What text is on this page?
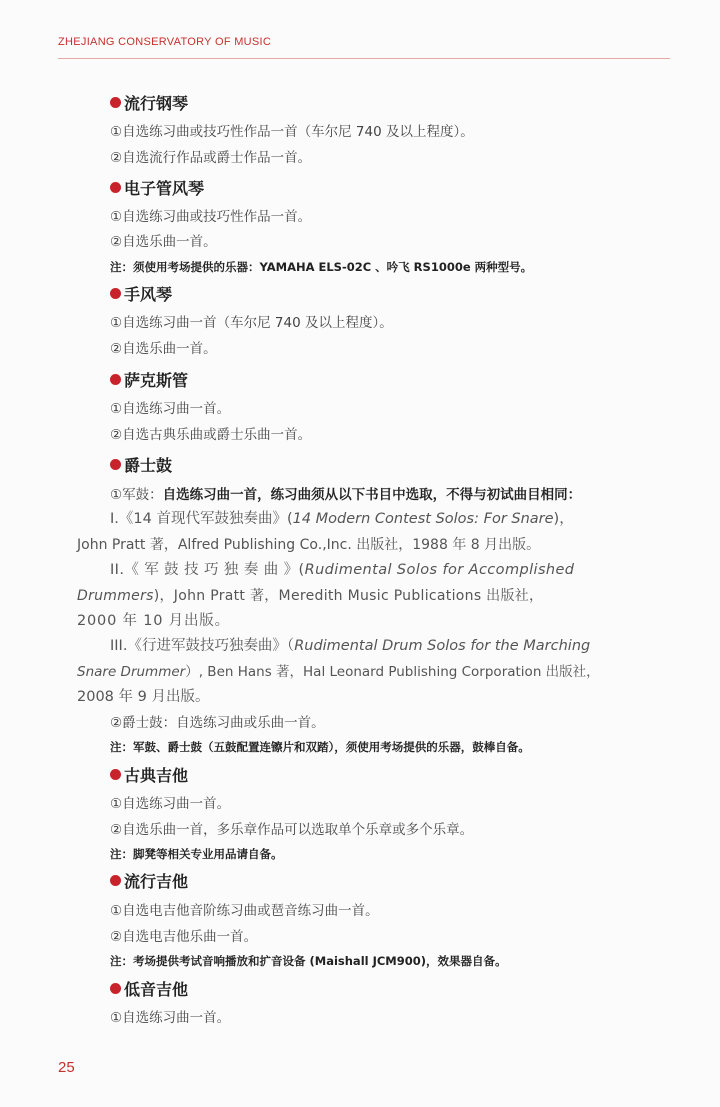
ZHEJIANG CONSERVATORY OF MUSIC
流行钢琴
①自选练习曲或技巧性作品一首（车尔尼 740 及以上程度）。
②自选流行作品或爵士作品一首。
电子管风琴
①自选练习曲或技巧性作品一首。
②自选乐曲一首。
注：须使用考场提供的乐器：YAMAHA ELS-02C 、吟飞 RS1000e 两种型号。
手风琴
①自选练习曲一首（车尔尼 740 及以上程度）。
②自选乐曲一首。
萨克斯管
①自选练习曲一首。
②自选古典乐曲或爵士乐曲一首。
爵士鼓
①军鼓：自选练习曲一首，练习曲须从以下书目中选取，不得与初试曲目相同：
I.《14 首现代军鼓独奏曲》(14 Modern Contest Solos: For Snare)，
John Pratt 著，Alfred Publishing Co.,Inc. 出版社，1988 年 8 月出版。
II.《 军 鼓 技 巧 独 奏 曲 》(Rudimental Solos for Accomplished
Drummers)，John Pratt 著，Meredith Music Publications 出版社，
2000 年 10 月出版。
III.《行进军鼓技巧独奏曲》（Rudimental Drum Solos for the Marching
Snare Drummer）, Ben Hans 著，Hal Leonard Publishing Corporation 出版社，
2008 年 9 月出版。
②爵士鼓：自选练习曲或乐曲一首。
注：军鼓、爵士鼓（五鼓配置连镲片和双踏），须使用考场提供的乐器，鼓棒自备。
古典吉他
①自选练习曲一首。
②自选乐曲一首，多乐章作品可以选取单个乐章或多个乐章。
注：脚凳等相关专业用品请自备。
流行吉他
①自选电吉他音阶练习曲或琶音练习曲一首。
②自选电吉他乐曲一首。
注：考场提供考试音响播放和扩音设备 (Maishall JCM900)，效果器自备。
低音吉他
①自选练习曲一首。
25
